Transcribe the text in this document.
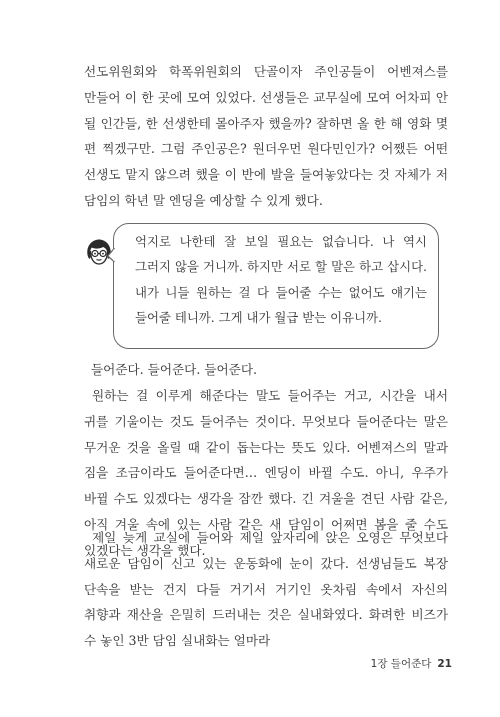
선도위원회와 학폭위원회의 단골이자 주인공들이 어벤져스를 만들어 이 한 곳에 모여 있었다. 선생들은 교무실에 모여 어차피 안 될 인간들, 한 선생한테 몰아주자 했을까? 잘하면 올 한 해 영화 몇 편 찍겠구만. 그럼 주인공은? 원더우먼 원다민인가? 어쨌든 어떤 선생도 맡지 않으려 했을 이 반에 발을 들여놓았다는 것 자체가 저 담임의 학년 말 엔딩을 예상할 수 있게 했다.

억지로 나한테 잘 보일 필요는 없습니다. 나 역시 그러지 않을 거니까. 하지만 서로 할 말은 하고 삽시다. 내가 니들 원하는 걸 다 들어줄 수는 없어도 얘기는 들어줄 테니까. 그게 내가 월급 받는 이유니까.

들어준다. 들어준다. 들어준다.

원하는 걸 이루게 해준다는 말도 들어주는 거고, 시간을 내서 귀를 기울이는 것도 들어주는 것이다. 무엇보다 들어준다는 말은 무거운 것을 올릴 때 같이 돕는다는 뜻도 있다. 어벤져스의 말과 짐을 조금이라도 들어준다면… 엔딩이 바뀔 수도. 아니, 우주가 바뀔 수도 있겠다는 생각을 잠깐 했다. 긴 겨울을 견딘 사람 같은, 아직 겨울 속에 있는 사람 같은 새 담임이 어쩌면 봄을 줄 수도 있겠다는 생각을 했다.

제일 늦게 교실에 들어와 제일 앞자리에 앉은 오영은 무엇보다 새로운 담임이 신고 있는 운동화에 눈이 갔다. 선생님들도 복장 단속을 받는 건지 다들 거기서 거기인 옷차림 속에서 자신의 취향과 재산을 은밀히 드러내는 것은 실내화였다. 화려한 비즈가 수 놓인 3반 담임 실내화는 얼마라

1장 들어준다 21
